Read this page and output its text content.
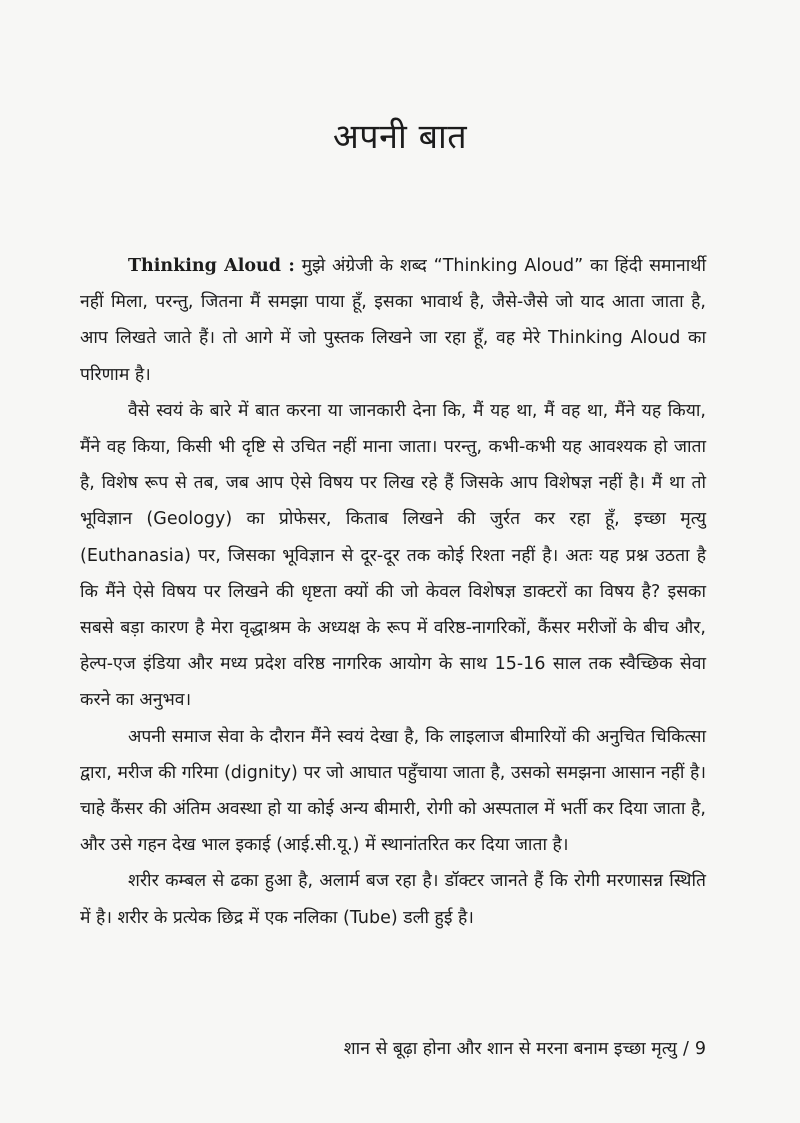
अपनी बात

Thinking Aloud : मुझे अंग्रेजी के शब्द “Thinking Aloud” का हिंदी समानार्थी नहीं मिला, परन्तु, जितना मैं समझा पाया हूँ, इसका भावार्थ है, जैसे-जैसे जो याद आता जाता है, आप लिखते जाते हैं। तो आगे में जो पुस्तक लिखने जा रहा हूँ, वह मेरे Thinking Aloud का परिणाम है।

वैसे स्वयं के बारे में बात करना या जानकारी देना कि, मैं यह था, मैं वह था, मैंने यह किया, मैंने वह किया, किसी भी दृष्टि से उचित नहीं माना जाता। परन्तु, कभी-कभी यह आवश्यक हो जाता है, विशेष रूप से तब, जब आप ऐसे विषय पर लिख रहे हैं जिसके आप विशेषज्ञ नहीं है। मैं था तो भूविज्ञान (Geology) का प्रोफेसर, किताब लिखने की जुर्रत कर रहा हूँ, इच्छा मृत्यु (Euthanasia) पर, जिसका भूविज्ञान से दूर-दूर तक कोई रिश्ता नहीं है। अतः यह प्रश्न उठता है कि मैंने ऐसे विषय पर लिखने की धृष्टता क्यों की जो केवल विशेषज्ञ डाक्टरों का विषय है? इसका सबसे बड़ा कारण है मेरा वृद्धाश्रम के अध्यक्ष के रूप में वरिष्ठ-नागरिकों, कैंसर मरीजों के बीच और, हेल्प-एज इंडिया और मध्य प्रदेश वरिष्ठ नागरिक आयोग के साथ 15-16 साल तक स्वैच्छिक सेवा करने का अनुभव।

अपनी समाज सेवा के दौरान मैंने स्वयं देखा है, कि लाइलाज बीमारियों की अनुचित चिकित्सा द्वारा, मरीज की गरिमा (dignity) पर जो आघात पहुँचाया जाता है, उसको समझना आसान नहीं है। चाहे कैंसर की अंतिम अवस्था हो या कोई अन्य बीमारी, रोगी को अस्पताल में भर्ती कर दिया जाता है, और उसे गहन देख भाल इकाई (आई.सी.यू.) में स्थानांतरित कर दिया जाता है।

शरीर कम्बल से ढका हुआ है, अलार्म बज रहा है। डॉक्टर जानते हैं कि रोगी मरणासन्न स्थिति में है। शरीर के प्रत्येक छिद्र में एक नलिका (Tube) डली हुई है।

शान से बूढ़ा होना और शान से मरना बनाम इच्छा मृत्यु / 9
